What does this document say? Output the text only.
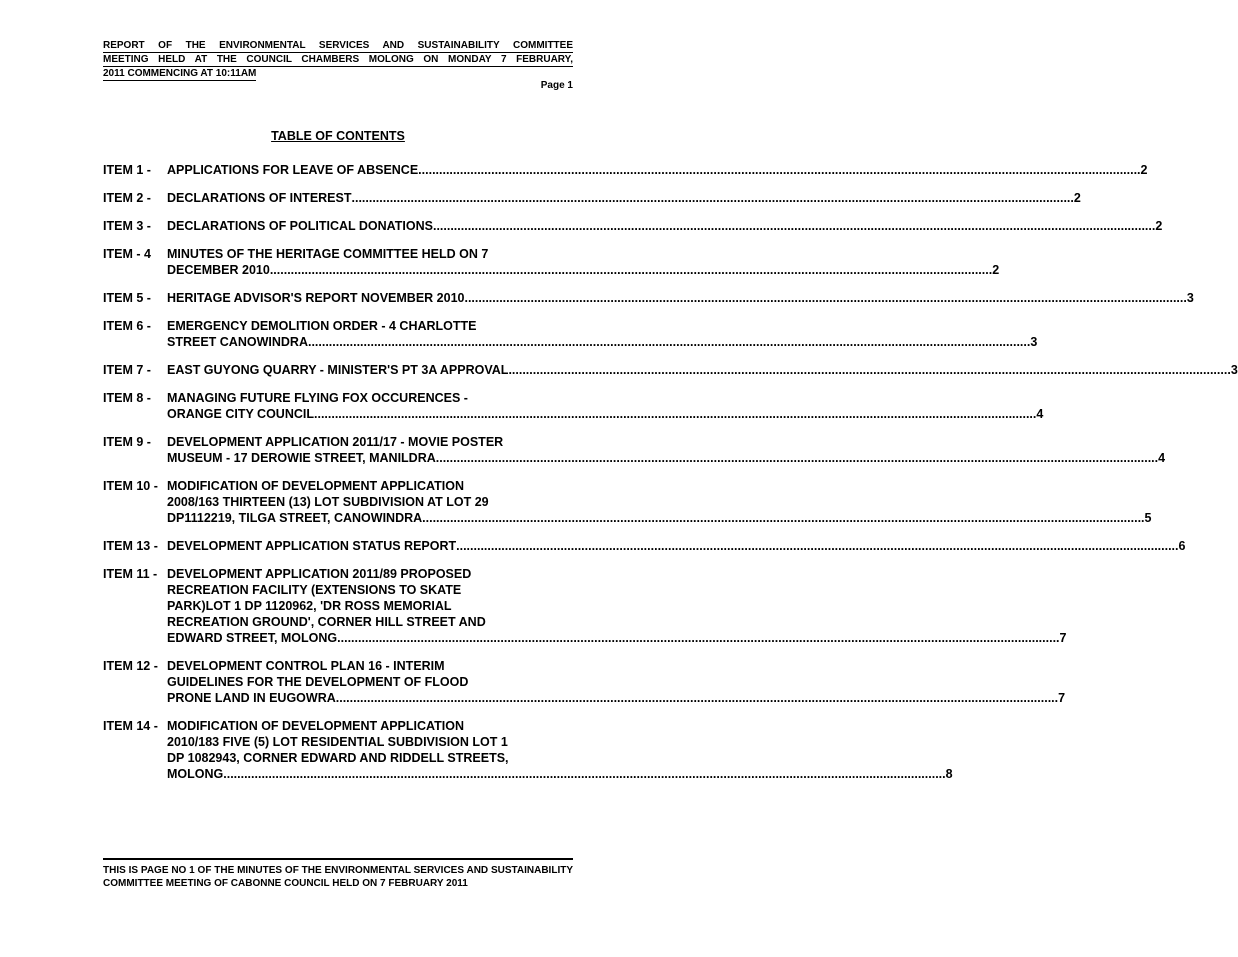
REPORT OF THE ENVIRONMENTAL SERVICES AND SUSTAINABILITY COMMITTEE
MEETING HELD AT THE COUNCIL CHAMBERS MOLONG ON MONDAY 7 FEBRUARY,
2011 COMMENCING AT 10:11AM
Page 1
TABLE OF CONTENTS
ITEM 1 -	APPLICATIONS FOR LEAVE OF ABSENCE .....	2
ITEM 2 -	DECLARATIONS OF INTEREST .....	2
ITEM 3 -	DECLARATIONS OF POLITICAL DONATIONS .....	2
ITEM - 4	MINUTES OF THE HERITAGE COMMITTEE HELD ON 7
DECEMBER 2010 .....	2
ITEM 5 -	HERITAGE ADVISOR'S REPORT NOVEMBER 2010 .....	3
ITEM 6 -	EMERGENCY DEMOLITION ORDER - 4 CHARLOTTE
STREET CANOWINDRA .....	3
ITEM 7 -	EAST GUYONG QUARRY - MINISTER'S PT 3A APPROVAL .....	3
ITEM 8 -	MANAGING FUTURE FLYING FOX OCCURENCES -
ORANGE CITY COUNCIL .....	4
ITEM 9 -	DEVELOPMENT APPLICATION 2011/17 - MOVIE POSTER
MUSEUM - 17 DEROWIE STREET, MANILDRA .....	4
ITEM 10 - MODIFICATION OF DEVELOPMENT APPLICATION
2008/163 THIRTEEN (13) LOT SUBDIVISION AT LOT 29
DP1112219, TILGA STREET, CANOWINDRA .....	5
ITEM 13 - DEVELOPMENT APPLICATION STATUS REPORT .....	6
ITEM 11 - DEVELOPMENT APPLICATION 2011/89 PROPOSED
RECREATION FACILITY (EXTENSIONS TO SKATE
PARK)LOT 1 DP 1120962, 'DR ROSS MEMORIAL
RECREATION GROUND', CORNER HILL STREET AND
EDWARD STREET, MOLONG .....	7
ITEM 12 - DEVELOPMENT CONTROL PLAN 16 - INTERIM
GUIDELINES FOR THE DEVELOPMENT OF FLOOD
PRONE LAND IN EUGOWRA .....	7
ITEM 14 - MODIFICATION OF DEVELOPMENT APPLICATION
2010/183 FIVE (5) LOT RESIDENTIAL SUBDIVISION LOT 1
DP 1082943, CORNER EDWARD AND RIDDELL STREETS,
MOLONG .....	8
THIS IS PAGE NO 1 OF THE MINUTES OF THE ENVIRONMENTAL SERVICES AND SUSTAINABILITY COMMITTEE MEETING OF CABONNE COUNCIL HELD ON 7 FEBRUARY 2011
